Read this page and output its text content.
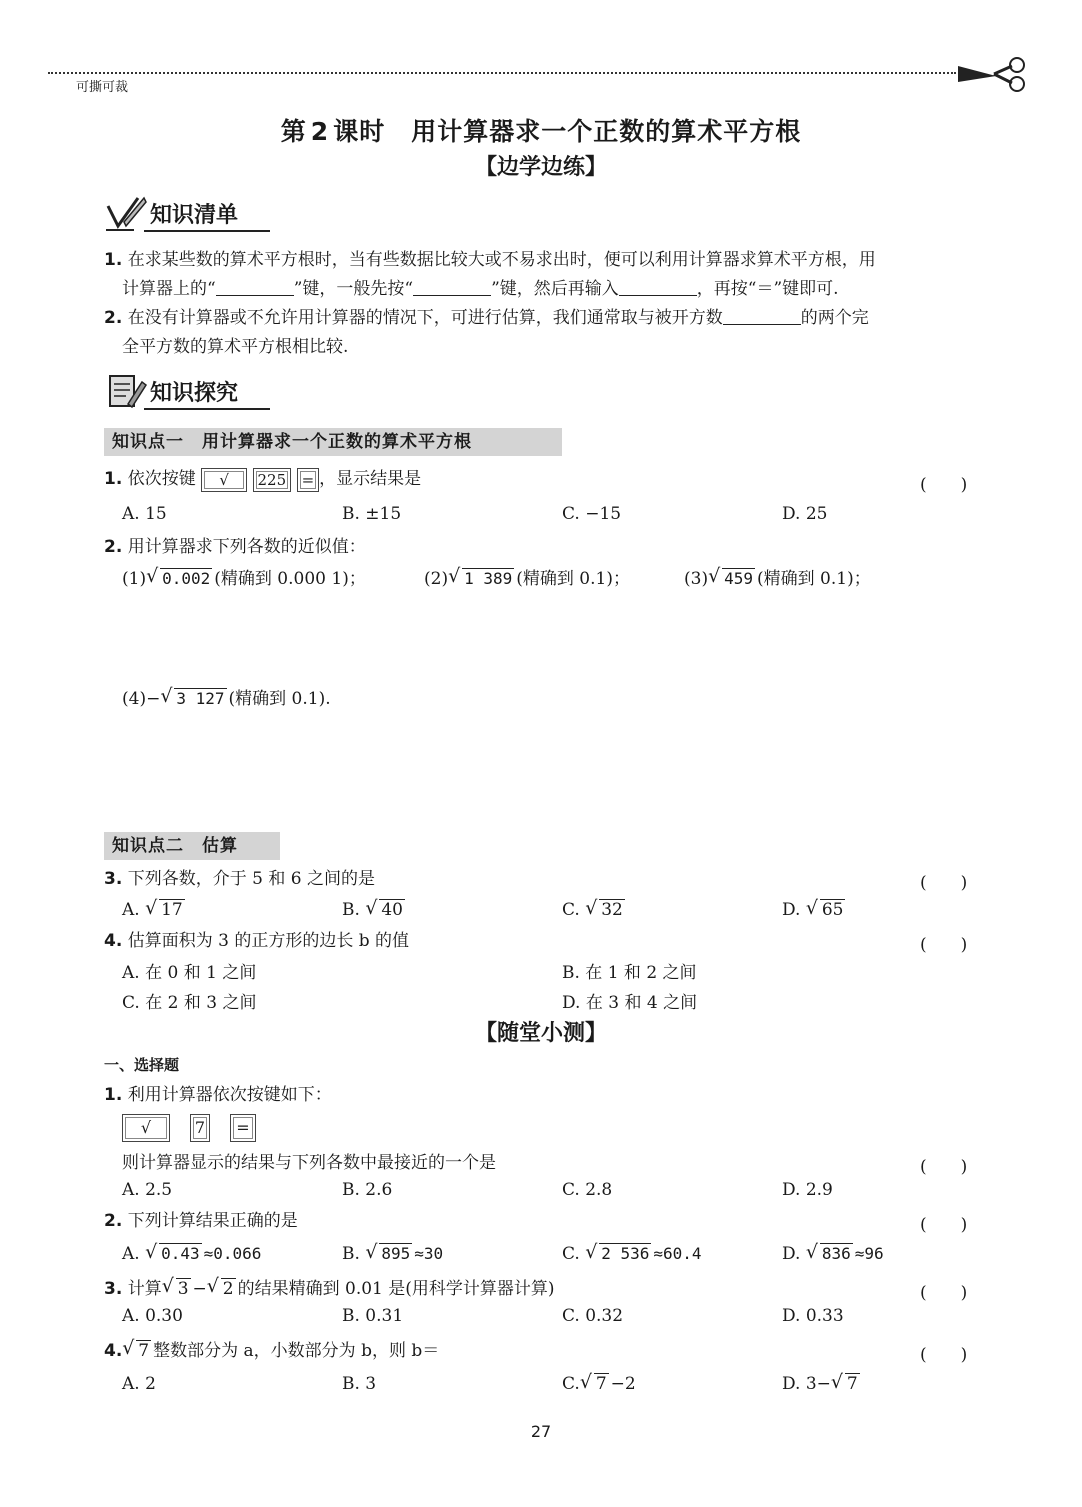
可撕可裁
第 2 课时 用计算器求一个正数的算术平方根
【边学边练】
知识清单
1. 在求某些数的算术平方根时，当有些数据比较大或不易求出时，便可以利用计算器求算术平方根，用
计算器上的“	”键，一般先按“	”键，然后再输入	，再按“＝”键即可.
2. 在没有计算器或不允许用计算器的情况下，可进行估算，我们通常取与被开方数	的两个完
全平方数的算术平方根相比较.
知识探究
知识点一　用计算器求一个正数的算术平方根
1. 依次按键 √ 225 = ，显示结果是	(　　)
A. 15	B. ±15	C. −15	D. 25
2. 用计算器求下列各数的近似值：
(1) √ 0.002 (精确到 0.000 1)；	(2) √ 1 389 (精确到 0.1)；	(3) √ 459 (精确到 0.1)；
(4)− √ 3 127 (精确到 0.1).
知识点二　估算
3. 下列各数，介于 5 和 6 之间的是	(　　)
A. √ 17	B. √ 40	C. √ 32	D. √ 65
4. 估算面积为 3 的正方形的边长 b 的值	(　　)
A. 在 0 和 1 之间	B. 在 1 和 2 之间
C. 在 2 和 3 之间	D. 在 3 和 4 之间
【随堂小测】
一、选择题
1. 利用计算器依次按键如下：
√	7	=
则计算器显示的结果与下列各数中最接近的一个是	(　　)
A. 2.5	B. 2.6	C. 2.8	D. 2.9
2. 下列计算结果正确的是	(　　)
A. √ 0.43 ≈0.066	B. √ 895 ≈30	C. √ 2 536 ≈60.4	D. √ 836 ≈96
3. 计算 √ 3 − √ 2 的结果精确到 0.01 是(用科学计算器计算)	(　　)
A. 0.30	B. 0.31	C. 0.32	D. 0.33
4. √ 7 整数部分为 a，小数部分为 b，则 b＝	(　　)
A. 2	B. 3	C. √ 7 −2	D. 3− √ 7
27
